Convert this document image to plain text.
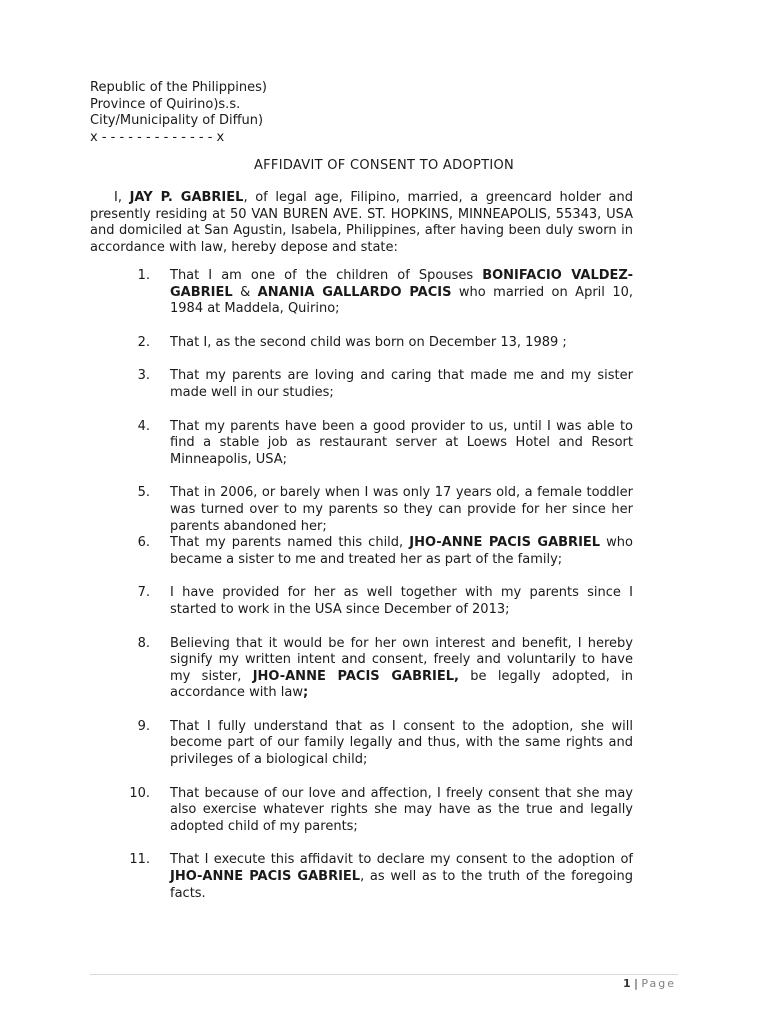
Republic of the Philippines)
Province of Quirino)s.s.
City/Municipality of Diffun)
x - - - - - - - - - - - - - x
AFFIDAVIT OF CONSENT TO ADOPTION

I, JAY P. GABRIEL, of legal age, Filipino, married, a greencard holder and presently residing at 50 VAN BUREN AVE. ST. HOPKINS, MINNEAPOLIS, 55343, USA and domiciled at San Agustin, Isabela, Philippines, after having been duly sworn in accordance with law, hereby depose and state:

1. That I am one of the children of Spouses BONIFACIO VALDEZ-GABRIEL & ANANIA GALLARDO PACIS who married on April 10, 1984 at Maddela, Quirino;
2. That I, as the second child was born on December 13, 1989 ;
3. That my parents are loving and caring that made me and my sister made well in our studies;
4. That my parents have been a good provider to us, until I was able to find a stable job as restaurant server at Loews Hotel and Resort Minneapolis, USA;
5. That in 2006, or barely when I was only 17 years old, a female toddler was turned over to my parents so they can provide for her since her parents abandoned her;
6. That my parents named this child, JHO-ANNE PACIS GABRIEL who became a sister to me and treated her as part of the family;
7. I have provided for her as well together with my parents since I started to work in the USA since December of 2013;
8. Believing that it would be for her own interest and benefit, I hereby signify my written intent and consent, freely and voluntarily to have my sister, JHO-ANNE PACIS GABRIEL, be legally adopted, in accordance with law;
9. That I fully understand that as I consent to the adoption, she will become part of our family legally and thus, with the same rights and privileges of a biological child;
10. That because of our love and affection, I freely consent that she may also exercise whatever rights she may have as the true and legally adopted child of my parents;
11. That I execute this affidavit to declare my consent to the adoption of JHO-ANNE PACIS GABRIEL, as well as to the truth of the foregoing facts.
1 | Page
